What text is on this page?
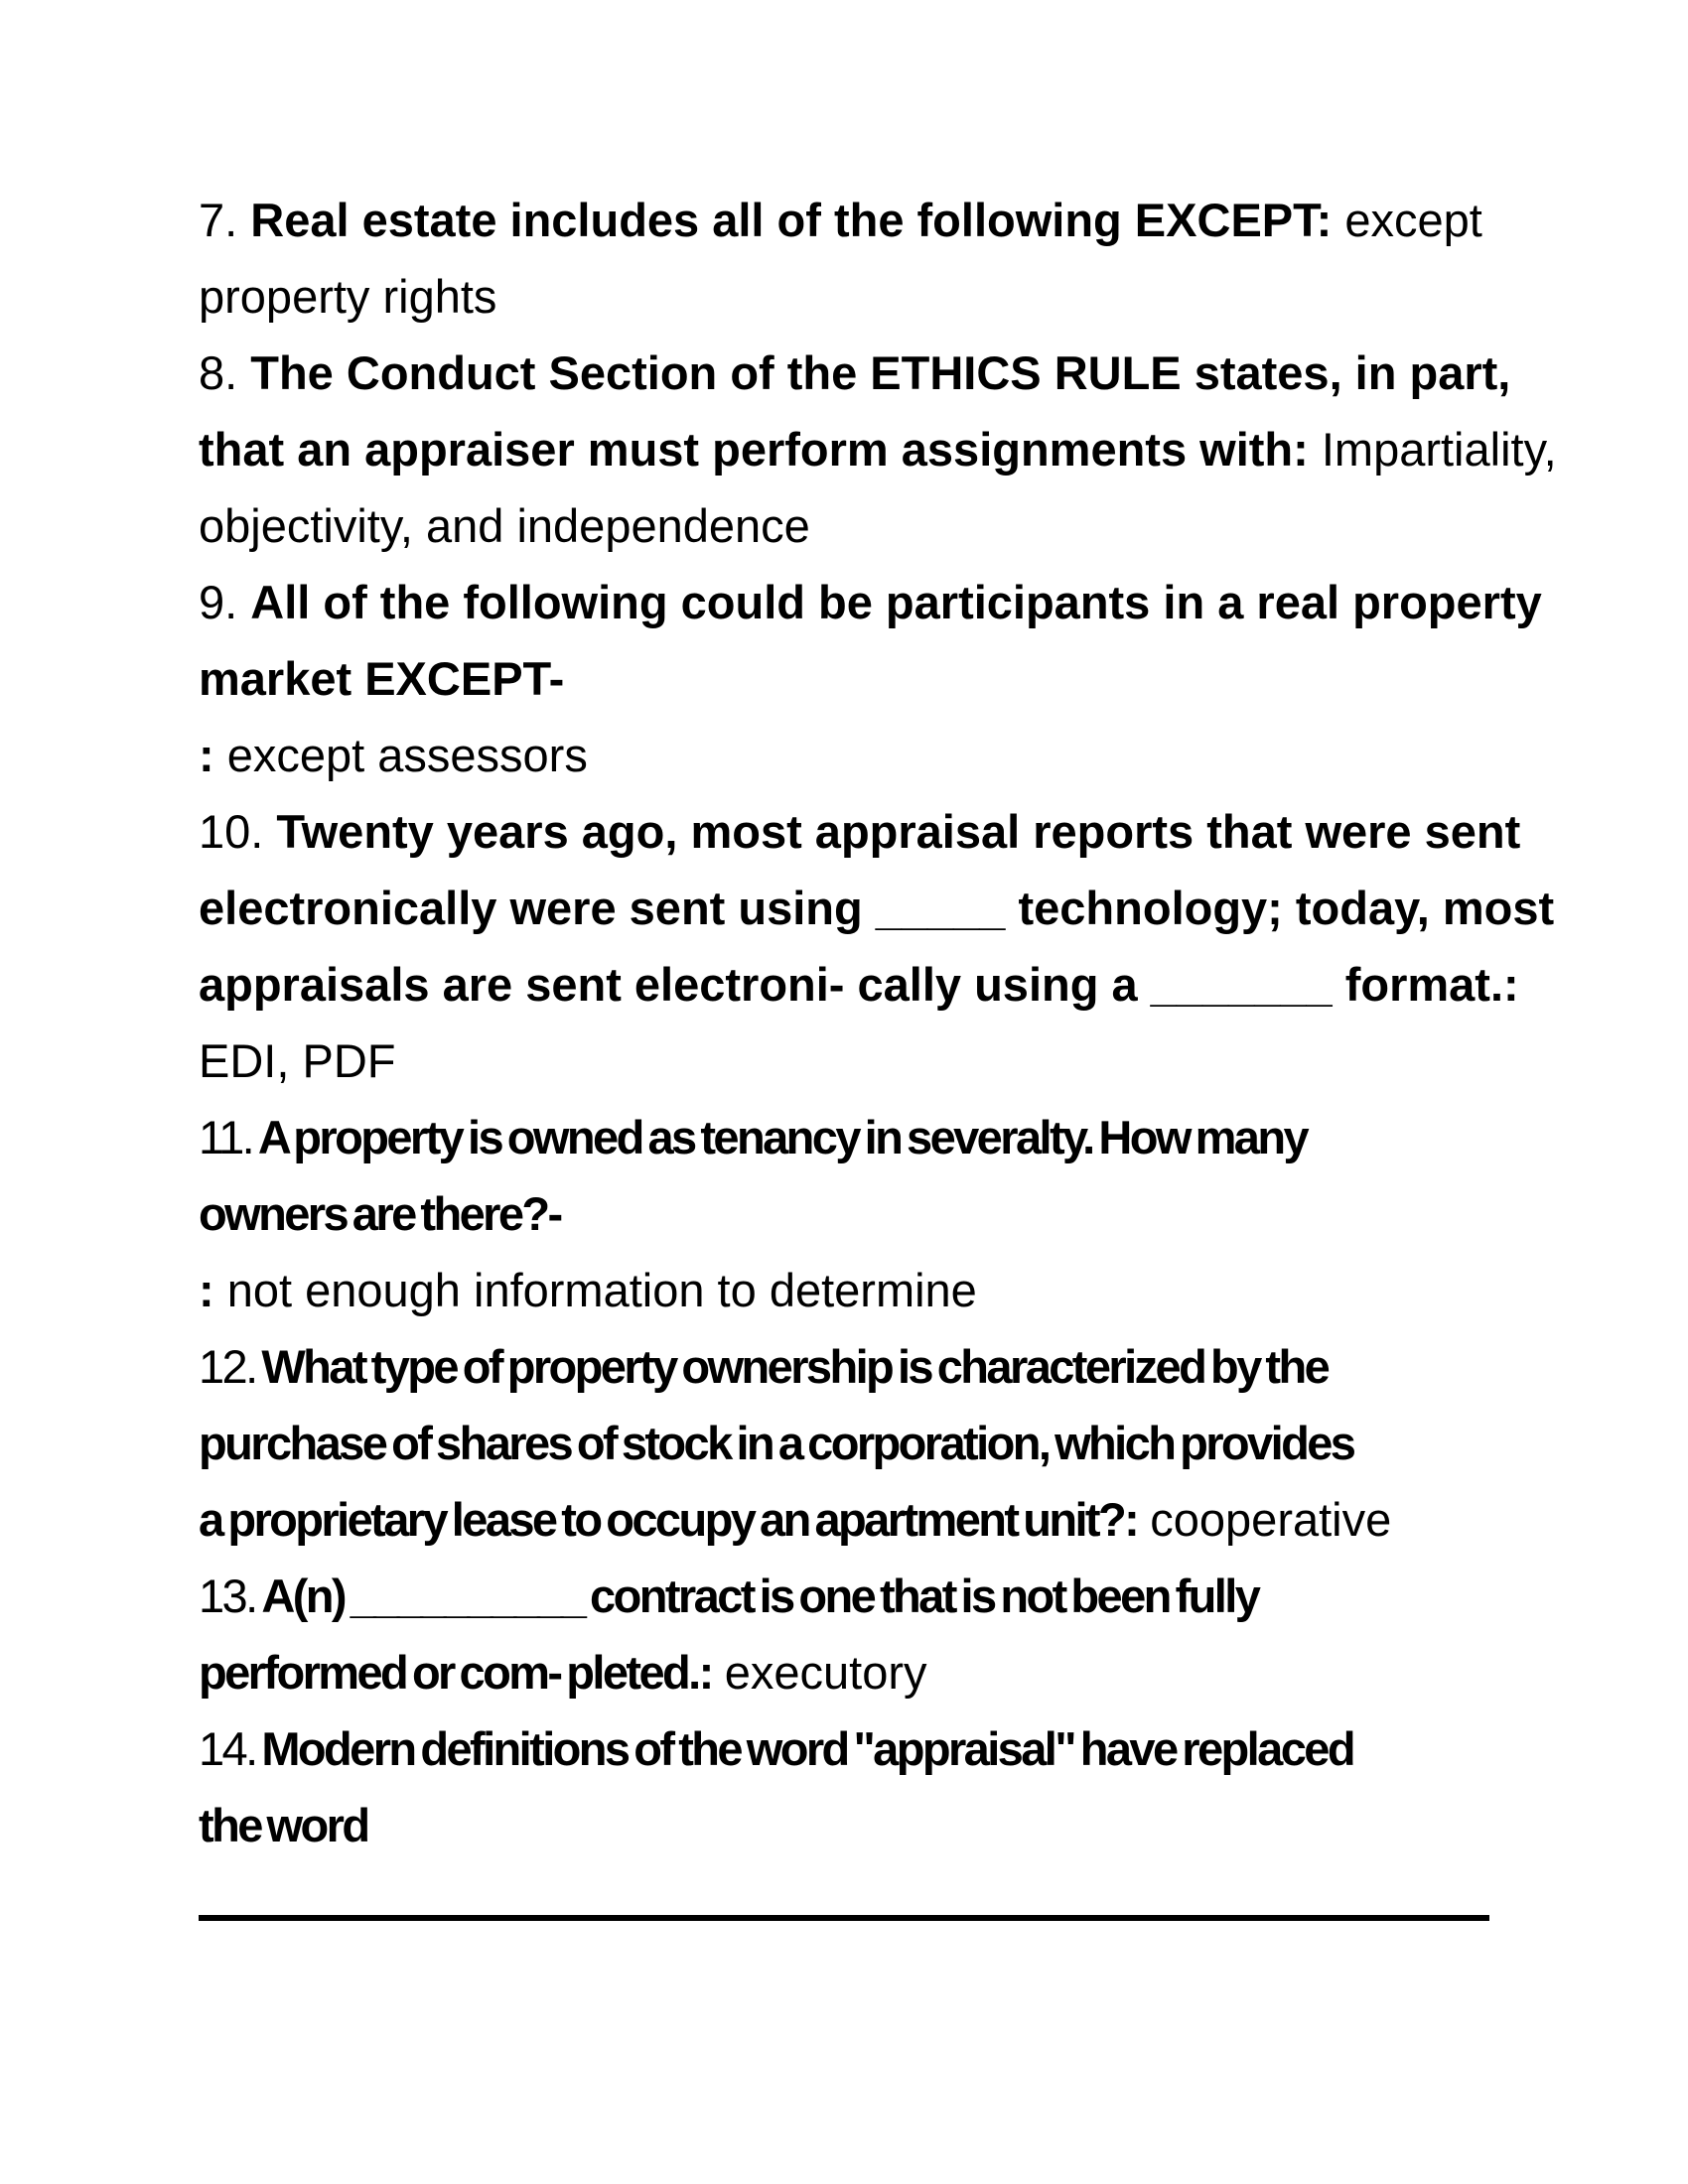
7. Real estate includes all of the following EXCEPT: except
property rights
8. The Conduct Section of the ETHICS RULE states, in part,
that an appraiser must perform assignments with: Impartiality,
objectivity, and independence
9. All of the following could be participants in a real property
market EXCEPT-
: except assessors
10. Twenty years ago, most appraisal reports that were sent
electronically were sent using _____ technology; today, most
appraisals are sent electroni- cally using a _______ format.:
EDI, PDF
11. A property is owned as tenancy in severalty. How many
owners are there?-
: not enough information to determine
12. What type of property ownership is characterized by the
purchase of shares of stock in a corporation, which provides
a proprietary lease to occupy an apartment unit?: cooperative
13. A(n) __________ contract is one that is not been fully
performed or com- pleted.: executory
14. Modern definitions of the word "appraisal" have replaced
the word
